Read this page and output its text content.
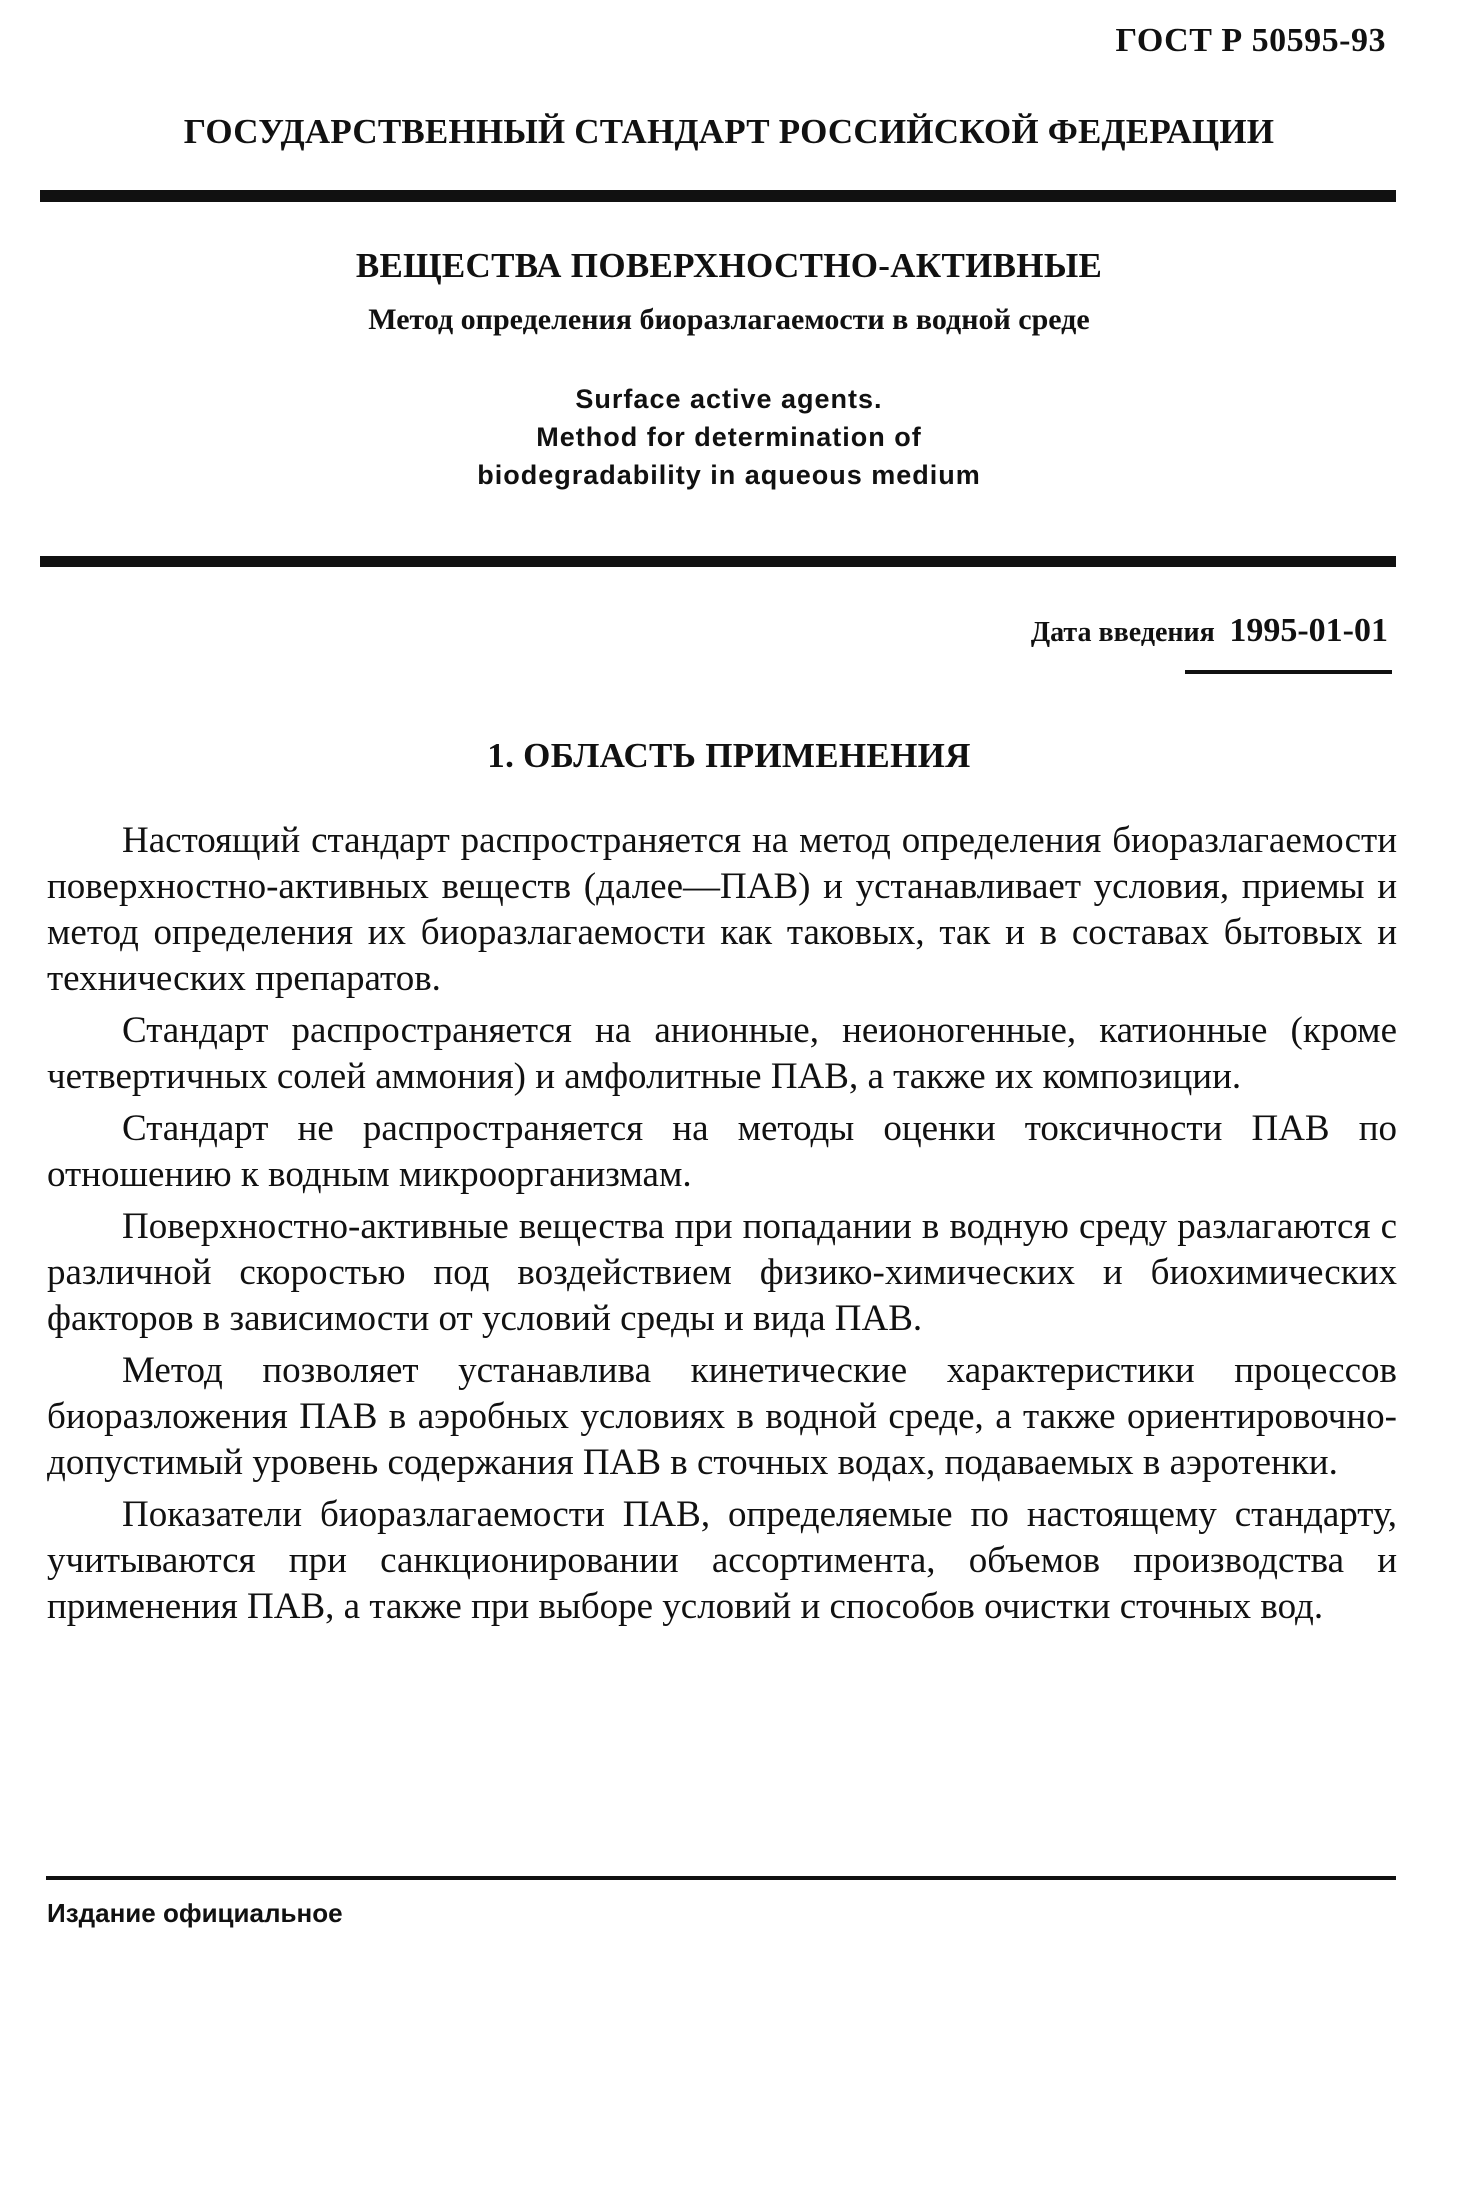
ГОСТ Р 50595-93
ГОСУДАРСТВЕННЫЙ СТАНДАРТ РОССИЙСКОЙ ФЕДЕРАЦИИ
ВЕЩЕСТВА ПОВЕРХНОСТНО-АКТИВНЫЕ
Метод определения биоразлагаемости в водной среде
Surface active agents.
Method for determination of
biodegradability in aqueous medium
Дата введения 1995-01-01
1. ОБЛАСТЬ ПРИМЕНЕНИЯ

Настоящий стандарт распространяется на метод определения биоразлагаемости поверхностно-активных веществ (далее—ПАВ) и устанавливает условия, приемы и метод определения их биоразлагаемости как таковых, так и в составах бытовых и технических препаратов.

Стандарт распространяется на анионные, неионогенные, катионные (кроме четвертичных солей аммония) и амфолитные ПАВ, а также их композиции.

Стандарт не распространяется на методы оценки токсичности ПАВ по отношению к водным микроорганизмам.

Поверхностно-активные вещества при попадании в водную среду разлагаются с различной скоростью под воздействием физико-химических и биохимических факторов в зависимости от условий среды и вида ПАВ.

Метод позволяет устанавлива кинетические характеристики процессов биоразложения ПАВ в аэробных условиях в водной среде, а также ориентировочно-допустимый уровень содержания ПАВ в сточных водах, подаваемых в аэротенки.

Показатели биоразлагаемости ПАВ, определяемые по настоящему стандарту, учитываются при санкционировании ассортимента, объемов производства и применения ПАВ, а также при выборе условий и способов очистки сточных вод.

Издание официальное
